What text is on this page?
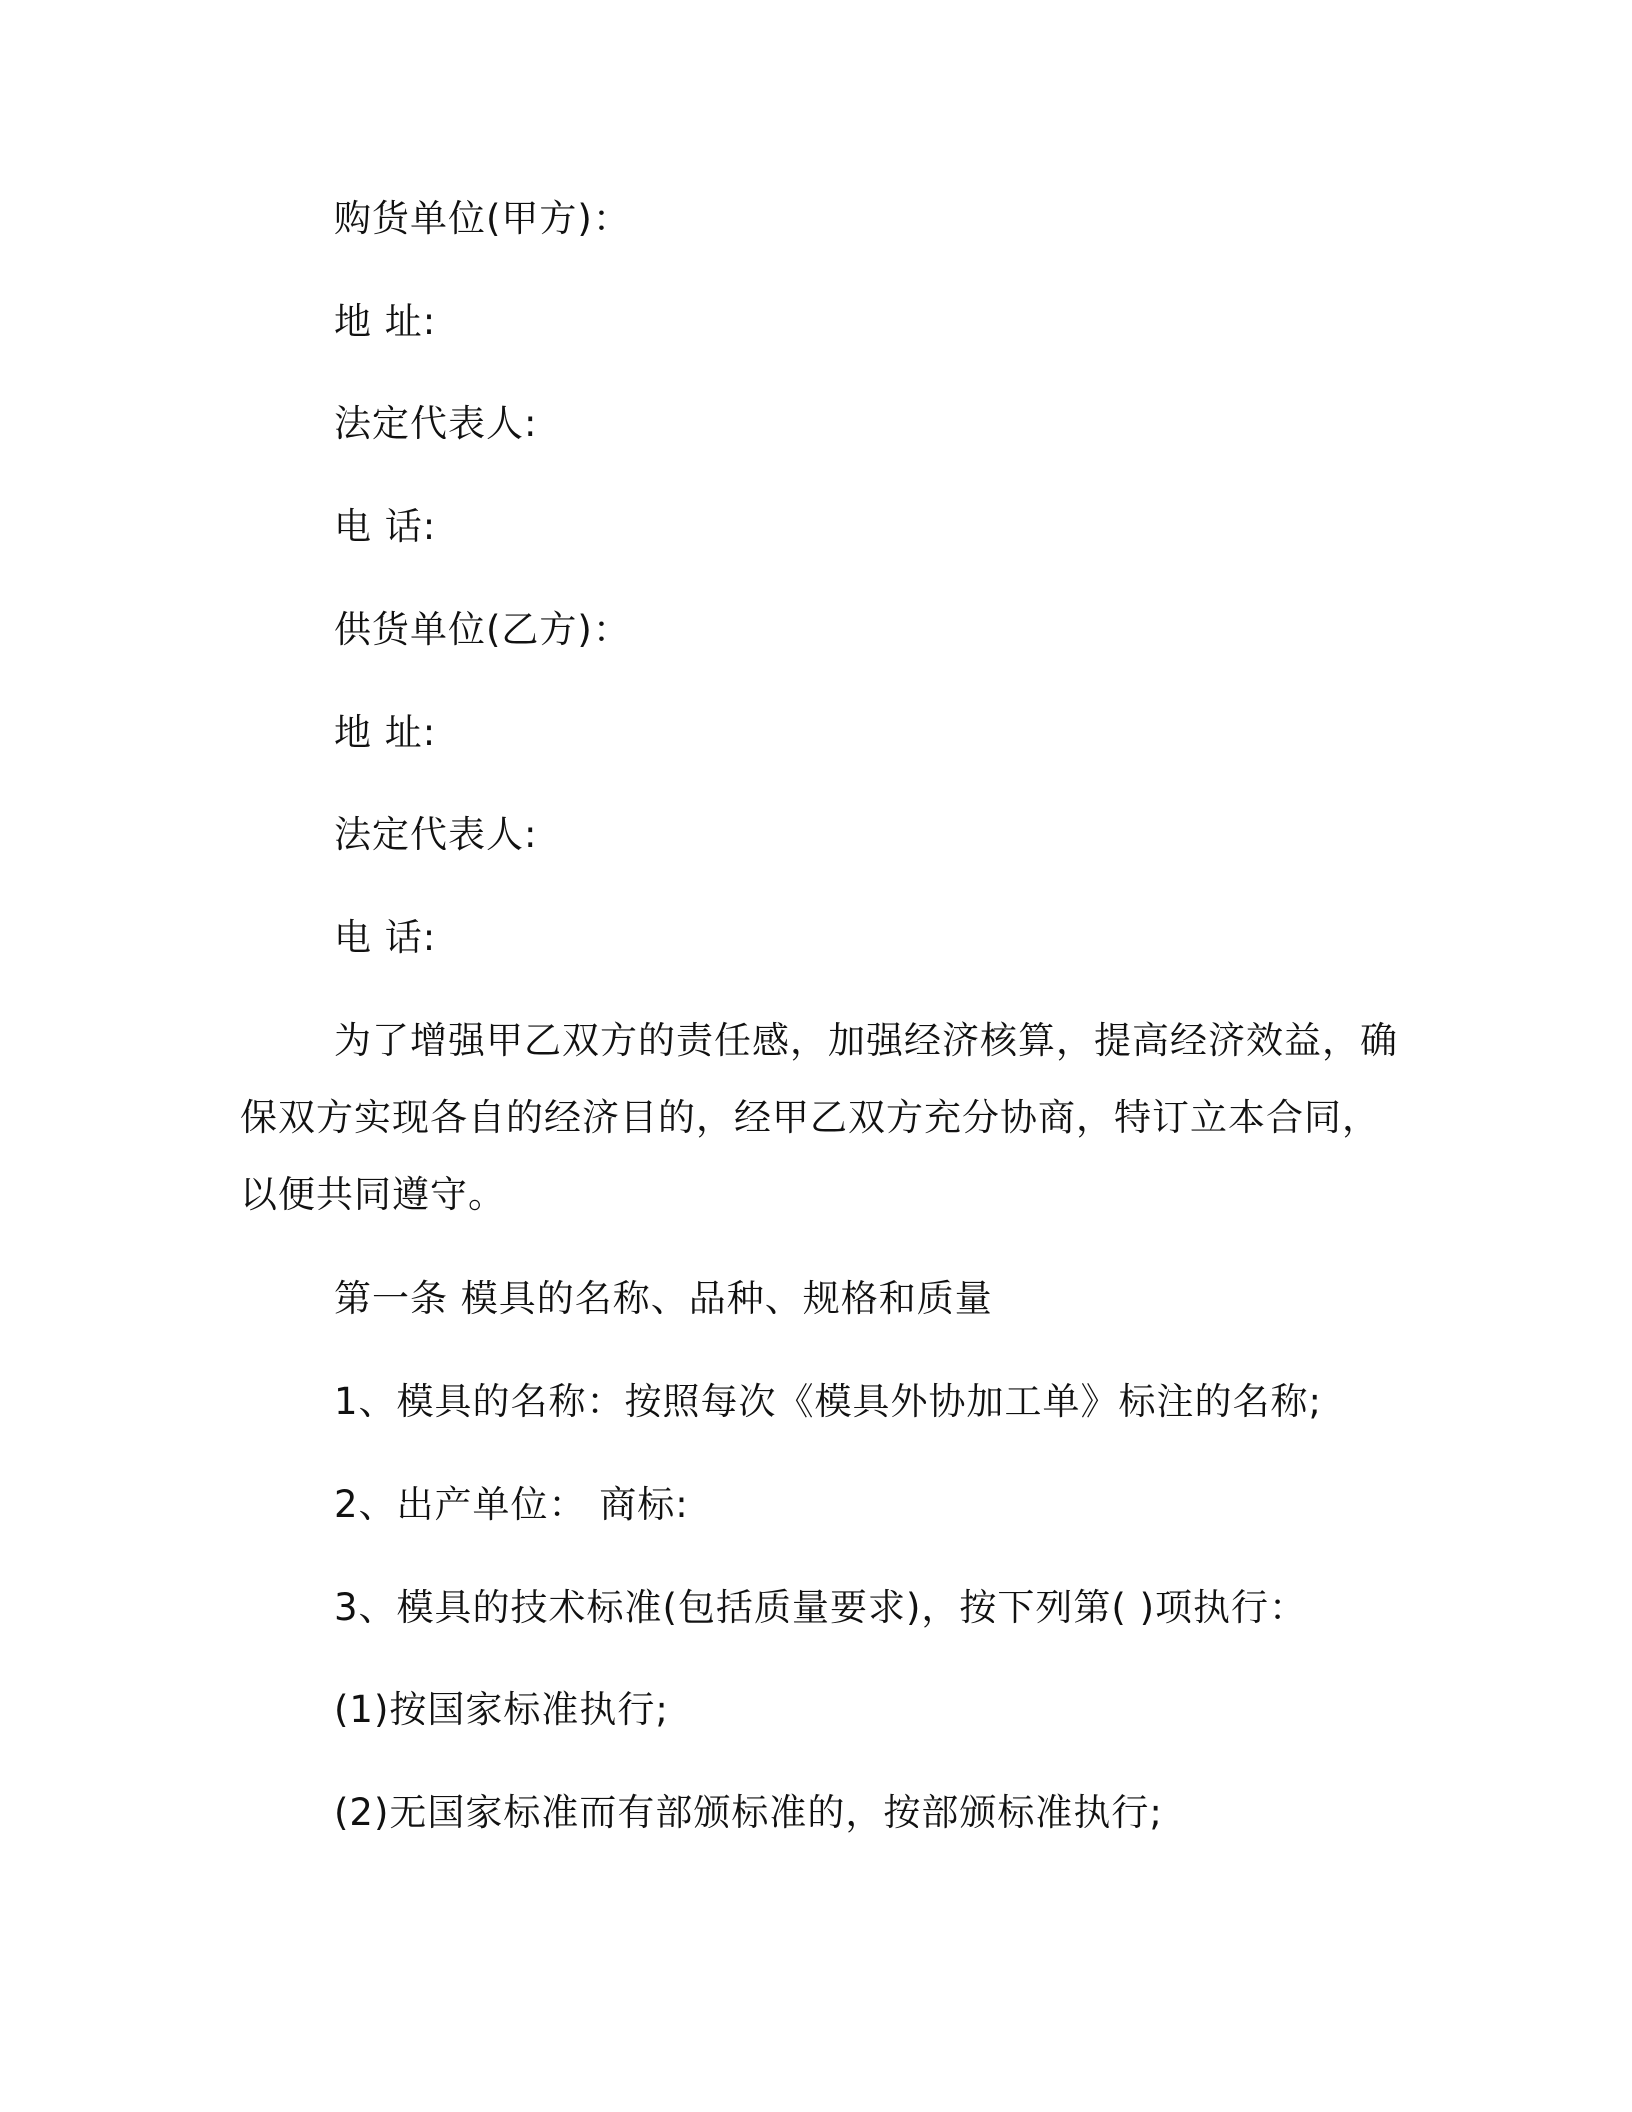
购货单位(甲方)：
地 址:
法定代表人:
电 话:
供货单位(乙方)：
地 址:
法定代表人:
电 话:
为了增强甲乙双方的责任感，加强经济核算，提高经济效益，确
保双方实现各自的经济目的，经甲乙双方充分协商，特订立本合同，
以便共同遵守。
第一条 模具的名称、品种、规格和质量
1、模具的名称：按照每次《模具外协加工单》标注的名称;
2、出产单位： 商标:
3、模具的技术标准(包括质量要求)，按下列第( )项执行：
(1)按国家标准执行;
(2)无国家标准而有部颁标准的，按部颁标准执行;
